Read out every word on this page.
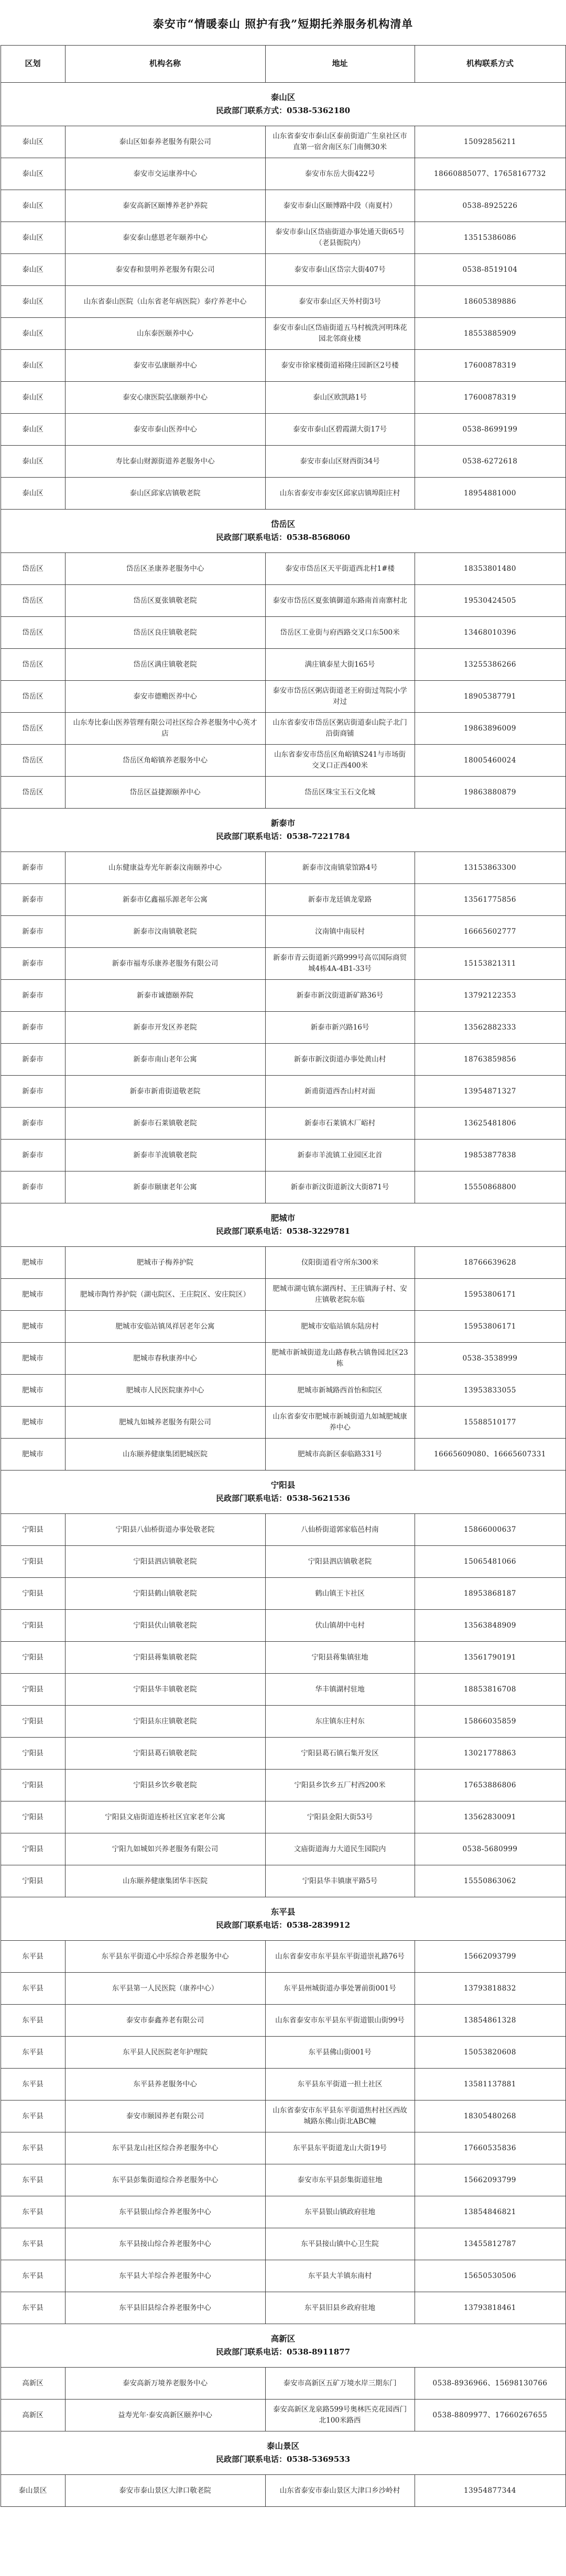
泰安市“情暖泰山 照护有我”短期托养服务机构清单
区划	机构名称	地址	机构联系方式

泰山区
民政部门联系方式：0538-5362180			

泰山区	泰山区如泰养老服务有限公司	山东省泰安市泰山区泰前街道广生泉社区市直第一宿舍南区东门南侧30米	15092856211
泰山区	泰安市交运康养中心	泰安市东岳大街422号	18660885077、17658167732
泰山区	泰安高新区颐博养老护养院	泰安市泰山区颐博路中段（南夏村）	0538-8925226
泰山区	泰安泰山慈恩老年颐养中心	泰安市泰山区岱庙街道办事处通天街65号（老县衙院内）	13515386086
泰山区	泰安春和景明养老服务有限公司	泰安市泰山区岱宗大街407号	0538-8519104
泰山区	山东省泰山医院（山东省老年病医院）泰疗养老中心	泰安市泰山区天外村街3号	18605389886
泰山区	山东泰医颐养中心	泰安市泰山区岱庙街道五马村梳洗河明珠花园北邻商业楼	18553885909
泰山区	泰安市弘康颐养中心	泰安市徐家楼街道裕隆庄园新区2号楼	17600878319
泰山区	泰安心康医院弘康颐养中心	泰山区欧凯路1号	17600878319
泰山区	泰安市泰山医养中心	泰安市泰山区碧霞湖大街17号	0538-8699199
泰山区	寿比泰山财源街道养老服务中心	泰安市泰山区财西街34号	0538-6272618
泰山区	泰山区邱家店镇敬老院	山东省泰安市泰安区邱家店镇埠阳庄村	18954881000

岱岳区
民政部门联系电话：0538-8568060			

岱岳区	岱岳区圣康养老服务中心	泰安市岱岳区天平街道西北村1#楼	18353801480
岱岳区	岱岳区夏张镇敬老院	泰安市岱岳区夏张镇御道东路南首南寨村北	19530424505
岱岳区	岱岳区良庄镇敬老院	岱岳区工业街与府西路交叉口东500米	13468010396
岱岳区	岱岳区满庄镇敬老院	满庄镇泰星大街165号	13255386266
岱岳区	泰安市德赡医养中心	泰安市岱岳区粥店街道老王府街过驾院小学对过	18905387791
岱岳区	山东寿比泰山医养管理有限公司社区综合养老服务中心英才店	山东省泰安市岱岳区粥店街道泰山院子北门沿街商铺	19863896009
岱岳区	岱岳区角峪镇养老服务中心	山东省泰安市岱岳区角峪镇S241与市场街交叉口正西400米	18005460024
岱岳区	岱岳区益捷源颐养中心	岱岳区珠宝玉石文化城	19863880879

新泰市
民政部门联系电话：0538-7221784			

新泰市	山东健康益寿光年新泰汶南颐养中心	新泰市汶南镇蒙馆路4号	13153863300
新泰市	新泰市亿鑫福乐源老年公寓	新泰市龙廷镇龙蒙路	13561775856
新泰市	新泰市汶南镇敬老院	汶南镇中南辰村	16665602777
新泰市	新泰市福寿乐康养老服务有限公司	新泰市青云街道新兴路999号高巛国际商贸城4栋4A-4B1-33号	15153821311
新泰市	新泰市诚德颐养院	新泰市新汶街道新矿路36号	13792122353
新泰市	新泰市开发区养老院	新泰市新兴路16号	13562882333
新泰市	新泰市南山老年公寓	新泰市新汶街道办事处黄山村	18763859856
新泰市	新泰市新甫街道敬老院	新甫街道西杏山村对面	13954871327
新泰市	新泰市石莱镇敬老院	新泰市石莱镇木厂峪村	13625481806
新泰市	新泰市羊流镇敬老院	新泰市羊流镇工业园区北首	19853877838
新泰市	新泰市颐康老年公寓	新泰市新汶街道新汶大街871号	15550868800

肥城市
民政部门联系电话：0538-3229781			

肥城市	肥城市子梅养护院	仪阳街道看守所东300米	18766639628
肥城市	肥城市陶竹养护院（湖屯院区、王庄院区、安庄院区）	肥城市湖屯镇东湖西村、王庄镇海子村、安庄镇敬老院东临	15953806171
肥城市	肥城市安临站镇凤祥居老年公寓	肥城市安临站镇东陆房村	15953806171
肥城市	肥城市春秋康养中心	肥城市新城街道龙山路春秋古镇鲁园北区23栋	0538-3538999
肥城市	肥城市人民医院康养中心	肥城市新城路西首怡和院区	13953833055
肥城市	肥城九如城养老服务有限公司	山东省泰安市肥城市新城街道九如城肥城康养中心	15588510177
肥城市	山东颐养健康集团肥城医院	肥城市高新区泰临路331号	16665609080、16665607331

宁阳县
民政部门联系电话：0538-5621536			

宁阳县	宁阳县八仙桥街道办事处敬老院	八仙桥街道郭家临邑村南	15866000637
宁阳县	宁阳县泗店镇敬老院	宁阳县泗店镇敬老院	15065481066
宁阳县	宁阳县鹤山镇敬老院	鹤山镇王卞社区	18953868187
宁阳县	宁阳县伏山镇敬老院	伏山镇胡中屯村	13563848909
宁阳县	宁阳县蒋集镇敬老院	宁阳县蒋集镇驻地	13561790191
宁阳县	宁阳县华丰镇敬老院	华丰镇湖村驻地	18853816708
宁阳县	宁阳县东庄镇敬老院	东庄镇东庄村东	15866035859
宁阳县	宁阳县葛石镇敬老院	宁阳县葛石镇石集开发区	13021778863
宁阳县	宁阳县乡饮乡敬老院	宁阳县乡饮乡五厂村西200米	17653886806
宁阳县	宁阳县文庙街道连桥社区宜家老年公寓	宁阳县金阳大街53号	13562830091
宁阳县	宁阳九如城如兴养老服务有限公司	文庙街道海力大道民生园院内	0538-5680999
宁阳县	山东颐养健康集团华丰医院	宁阳县华丰镇康平路5号	15550863062

东平县
民政部门联系电话：0538-2839912			

东平县	东平县东平街道心中乐综合养老服务中心	山东省泰安市东平县东平街道崇礼路76号	15662093799
东平县	东平县第一人民医院（康养中心）	东平县州城街道办事处署前街001号	13793818832
东平县	泰安市泰鑫养老有限公司	山东省泰安市东平县东平街道银山街99号	13854861328
东平县	东平县人民医院老年护理院	东平县佛山街001号	15053820608
东平县	东平县养老服务中心	东平县东平街道一担土社区	13581137881
东平县	泰安市颐园养老有限公司	山东省泰安市东平县东平街道焦村社区西故城路东佛山街北ABC幢	18305480268
东平县	东平县龙山社区综合养老服务中心	东平县东平街道龙山大街19号	17660535836
东平县	东平县彭集街道综合养老服务中心	泰安市东平县彭集街道驻地	15662093799
东平县	东平县银山综合养老服务中心	东平县银山镇政府驻地	13854846821
东平县	东平县接山综合养老服务中心	东平县接山镇中心卫生院	13455812787
东平县	东平县大羊综合养老服务中心	东平县大羊镇东南村	15650530506
东平县	东平县旧县综合养老服务中心	东平县旧县乡政府驻地	13793818461

高新区
民政部门联系电话：0538-8911877			

高新区	泰安高新万境养老服务中心	泰安市高新区五矿万境水岸三期东门	0538-8936966、15698130766
高新区	益寿光年·泰安高新区颐养中心	泰安高新区龙泉路599号奥林匹克花园西门北100米路西	0538-8809977、17660267655

泰山景区
民政部门联系电话：0538-5369533			

泰山景区	泰安市泰山景区大津口敬老院	山东省泰安市泰山景区大津口乡沙岭村	13954877344
